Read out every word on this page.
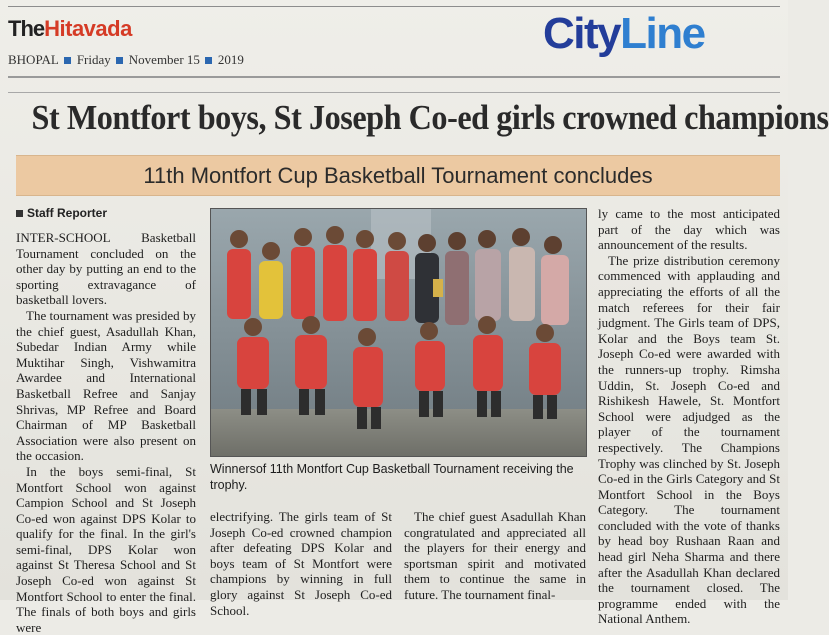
TheHitavada
BHOPAL Friday November 15 2019
CityLine
St Montfort boys, St Joseph Co-ed girls crowned champions
11th Montfort Cup Basketball Tournament concludes
Staff Reporter

INTER-SCHOOL Basketball Tournament concluded on the other day by putting an end to the sporting extravagance of basketball lovers.

The tournament was presided by the chief guest, Asadullah Khan, Subedar Indian Army while Muktihar Singh, Vishwamitra Awardee and International Basketball Refree and Sanjay Shrivas, MP Refree and Board Chairman of MP Basketball Association were also present on the occasion.

In the boys semi-final, St Montfort School won against Campion School and St Joseph Co-ed won against DPS Kolar to qualify for the final. In the girl's semi-final, DPS Kolar won against St Theresa School and St Joseph Co-ed won against St Montfort School to enter the final. The finals of both boys and girls were

Winnersof 11th Montfort Cup Basketball Tournament receiving the trophy.

electrifying. The girls team of St Joseph Co-ed crowned champion after defeating DPS Kolar and boys team of St Montfort were champions by winning in full glory against St Joseph Co-ed School.

The chief guest Asadullah Khan congratulated and appreciated all the players for their energy and sportsman spirit and motivated them to continue the same in future. The tournament final-

ly came to the most anticipated part of the day which was announcement of the results.

The prize distribution ceremony commenced with applauding and appreciating the efforts of all the match referees for their fair judgment. The Girls team of DPS, Kolar and the Boys team St. Joseph Co-ed were awarded with the runners-up trophy. Rimsha Uddin, St. Joseph Co-ed and Rishikesh Hawele, St. Montfort School were adjudged as the player of the tournament respectively. The Champions Trophy was clinched by St. Joseph Co-ed in the Girls Category and St Montfort School in the Boys Category. The tournament concluded with the vote of thanks by head boy Rushaan Raan and head girl Neha Sharma and there after the Asadullah Khan declared the tournament closed. The programme ended with the National Anthem.
